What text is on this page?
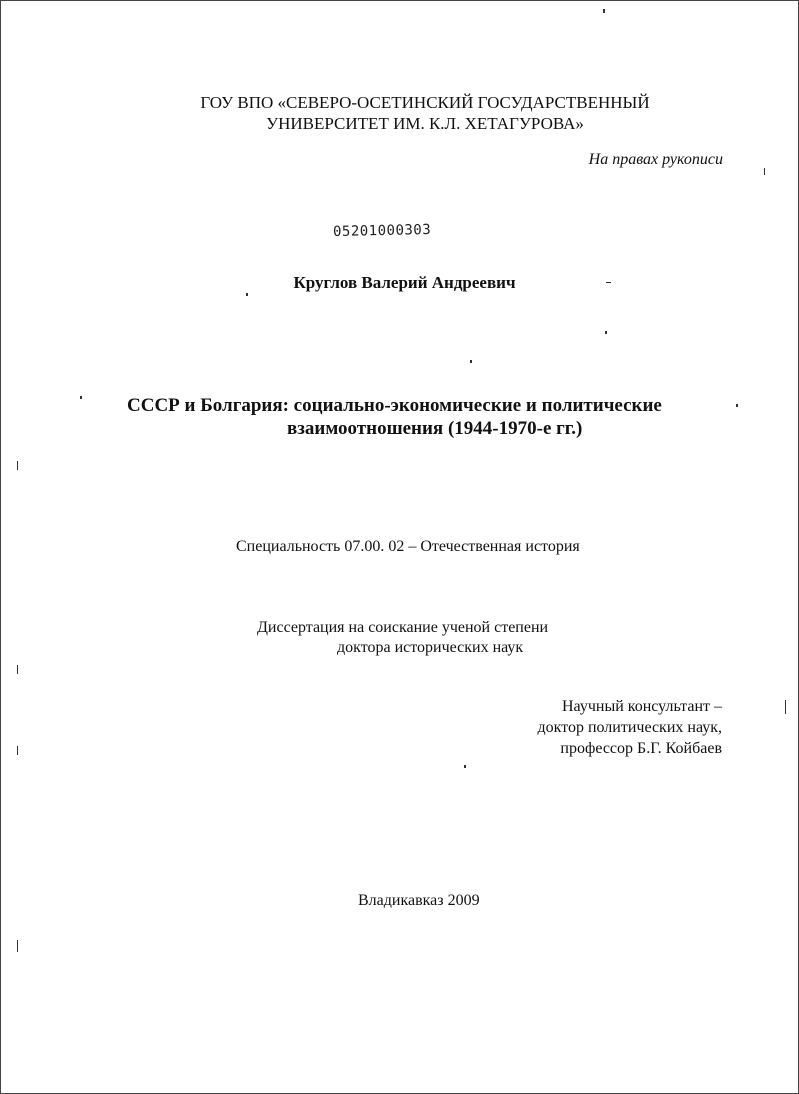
ГОУ ВПО «СЕВЕРО-ОСЕТИНСКИЙ ГОСУДАРСТВЕННЫЙ
УНИВЕРСИТЕТ ИМ. К.Л. ХЕТАГУРОВА»
На правах рукописи
05201000303
Круглов Валерий Андреевич
СССР и Болгария: социально-экономические и политические
взаимоотношения (1944-1970-е гг.)
Специальность 07.00. 02 – Отечественная история
Диссертация на соискание ученой степени
доктора исторических наук
Научный консультант –
доктор политических наук,
профессор Б.Г. Койбаев
Владикавказ 2009
